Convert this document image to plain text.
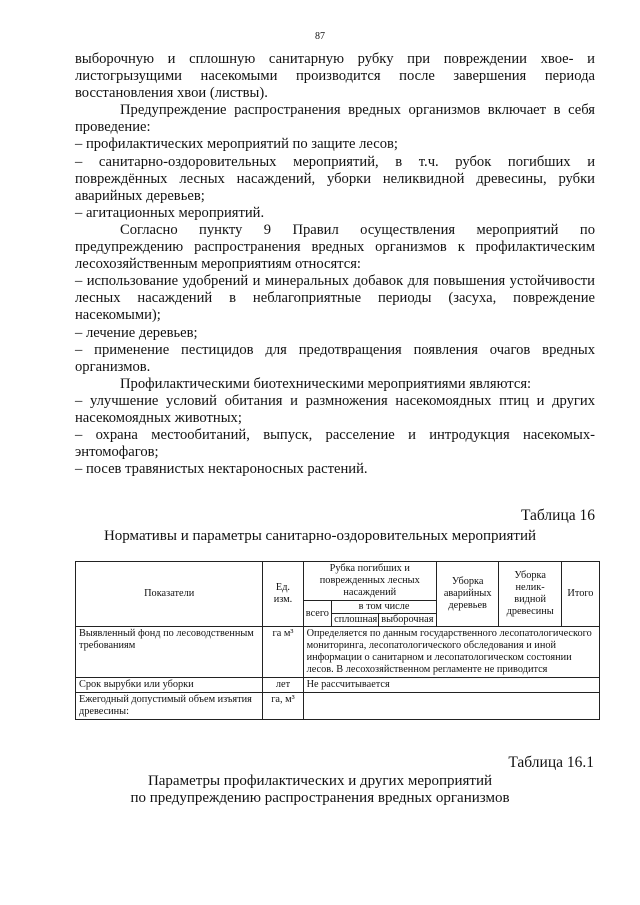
87

выборочную и сплошную санитарную рубку при повреждении хвое- и листогрызущими насекомыми производится после завершения периода восстановления хвои (листвы).

Предупреждение распространения вредных организмов включает в себя проведение:

– профилактических мероприятий по защите лесов;

– санитарно-оздоровительных мероприятий, в т.ч. рубок погибших и повреждённых лесных насаждений, уборки неликвидной древесины, рубки аварийных деревьев;

– агитационных мероприятий.

Согласно пункту 9 Правил осуществления мероприятий по предупреждению распространения вредных организмов к профилактическим лесохозяйственным мероприятиям относятся:

– использование удобрений и минеральных добавок для повышения устойчивости лесных насаждений в неблагоприятные периоды (засуха, повреждение насекомыми);

– лечение деревьев;

– применение пестицидов для предотвращения появления очагов вредных организмов.

Профилактическими биотехническими мероприятиями являются:

– улучшение условий обитания и размножения насекомоядных птиц и других насекомоядных животных;

– охрана местообитаний, выпуск, расселение и интродукция насекомых-энтомофагов;

– посев травянистых нектароносных растений.

Таблица 16
Нормативы и параметры санитарно-оздоровительных мероприятий
Показатели	Ед. изм.	Рубка погибших и поврежденных лесных насаждений			Уборка аварийных деревьев	Уборка нелик-видной древесины	Итого
		всего	в том числе				
			сплошная	выборочная			
Выявленный фонд по лесоводственным требованиям	га м³	Определяется по данным государственного лесопатологического мониторинга, лесопатологического обследования и иной информации о санитарном и лесопатологическом состоянии лесов. В лесохозяйственном регламенте не приводится					
Срок вырубки или уборки	лет	Не рассчитывается					
Ежегодный допустимый объем изъятия древесины:	га, м³						
Таблица 16.1
Параметры профилактических и других мероприятий
по предупреждению распространения вредных организмов
